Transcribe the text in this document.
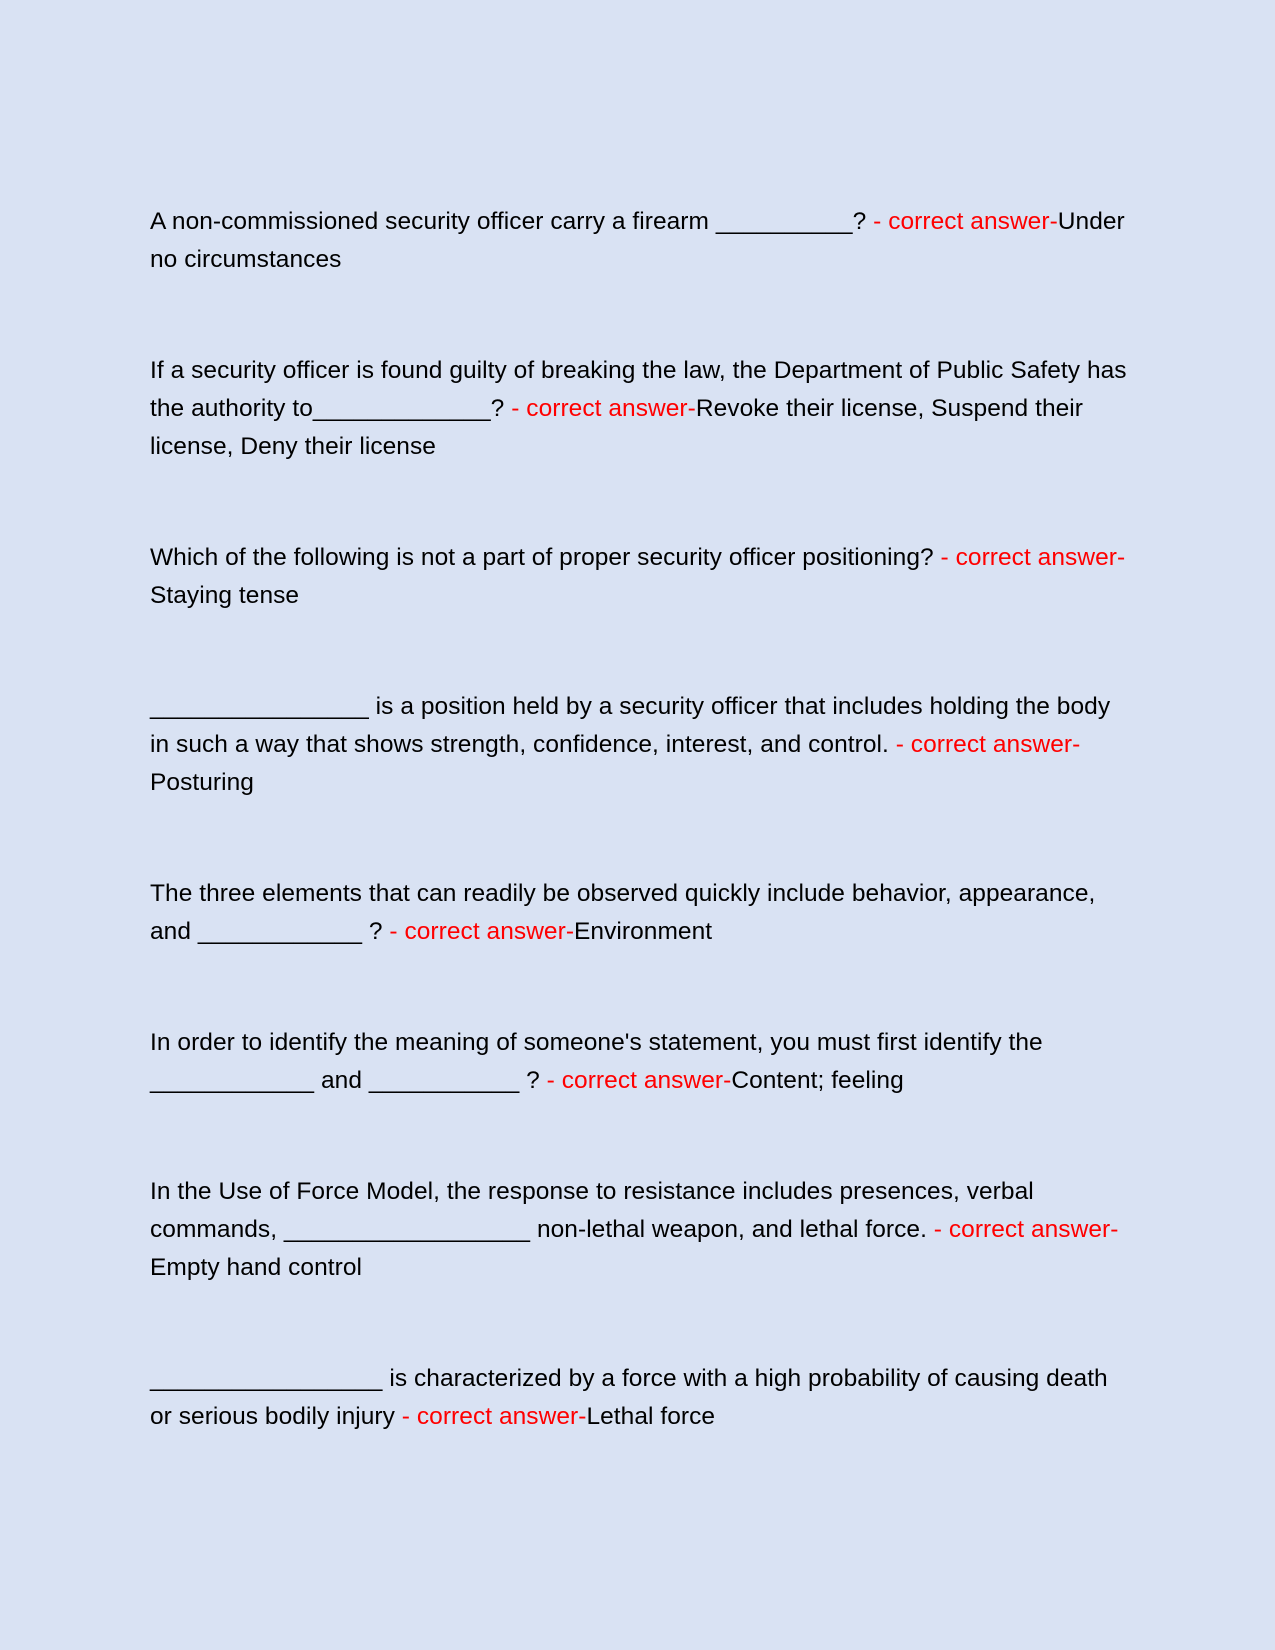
A non-commissioned security officer carry a firearm __________? - correct answer-Under no circumstances

If a security officer is found guilty of breaking the law, the Department of Public Safety has the authority to_____________? - correct answer-Revoke their license, Suspend their license, Deny their license

Which of the following is not a part of proper security officer positioning? - correct answer-Staying tense

________________ is a position held by a security officer that includes holding the body in such a way that shows strength, confidence, interest, and control. - correct answer-Posturing

The three elements that can readily be observed quickly include behavior, appearance, and ____________ ? - correct answer-Environment

In order to identify the meaning of someone's statement, you must first identify the ____________ and ___________ ? - correct answer-Content; feeling

In the Use of Force Model, the response to resistance includes presences, verbal commands, __________________ non-lethal weapon, and lethal force. - correct answer-Empty hand control

_________________ is characterized by a force with a high probability of causing death or serious bodily injury - correct answer-Lethal force
